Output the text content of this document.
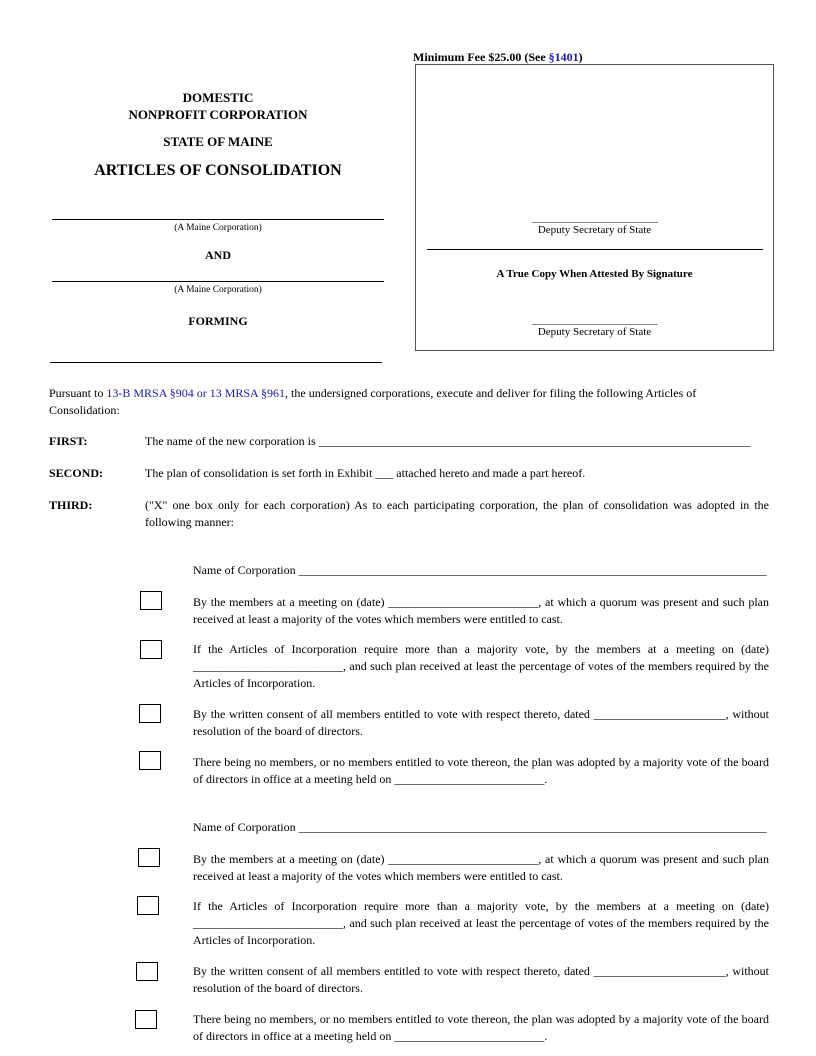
Minimum Fee $25.00 (See §1401)
Deputy Secretary of State
A True Copy When Attested By Signature
Deputy Secretary of State
DOMESTIC
NONPROFIT CORPORATION
STATE OF MAINE
ARTICLES OF CONSOLIDATION
(A Maine Corporation)
AND
(A Maine Corporation)
FORMING
Pursuant to 13-B MRSA §904 or 13 MRSA §961, the undersigned corporations, execute and deliver for filing the following Articles of Consolidation:
FIRST:	The name of the new corporation is ________________________________________________________________________
SECOND:	The plan of consolidation is set forth in Exhibit ___ attached hereto and made a part hereof.
THIRD:	("X" one box only for each corporation) As to each participating corporation, the plan of consolidation was adopted in the following manner:
Name of Corporation ______________________________________________________________________________
By the members at a meeting on (date) _________________________, at which a quorum was present and such plan received at least a majority of the votes which members were entitled to cast.
If the Articles of Incorporation require more than a majority vote, by the members at a meeting on (date) _________________________, and such plan received at least the percentage of votes of the members required by the Articles of Incorporation.
By the written consent of all members entitled to vote with respect thereto, dated ______________________, without resolution of the board of directors.
There being no members, or no members entitled to vote thereon, the plan was adopted by a majority vote of the board of directors in office at a meeting held on _________________________.
Name of Corporation ______________________________________________________________________________
By the members at a meeting on (date) _________________________, at which a quorum was present and such plan received at least a majority of the votes which members were entitled to cast.
If the Articles of Incorporation require more than a majority vote, by the members at a meeting on (date) _________________________, and such plan received at least the percentage of votes of the members required by the Articles of Incorporation.
By the written consent of all members entitled to vote with respect thereto, dated ______________________, without resolution of the board of directors.
There being no members, or no members entitled to vote thereon, the plan was adopted by a majority vote of the board of directors in office at a meeting held on _________________________.
